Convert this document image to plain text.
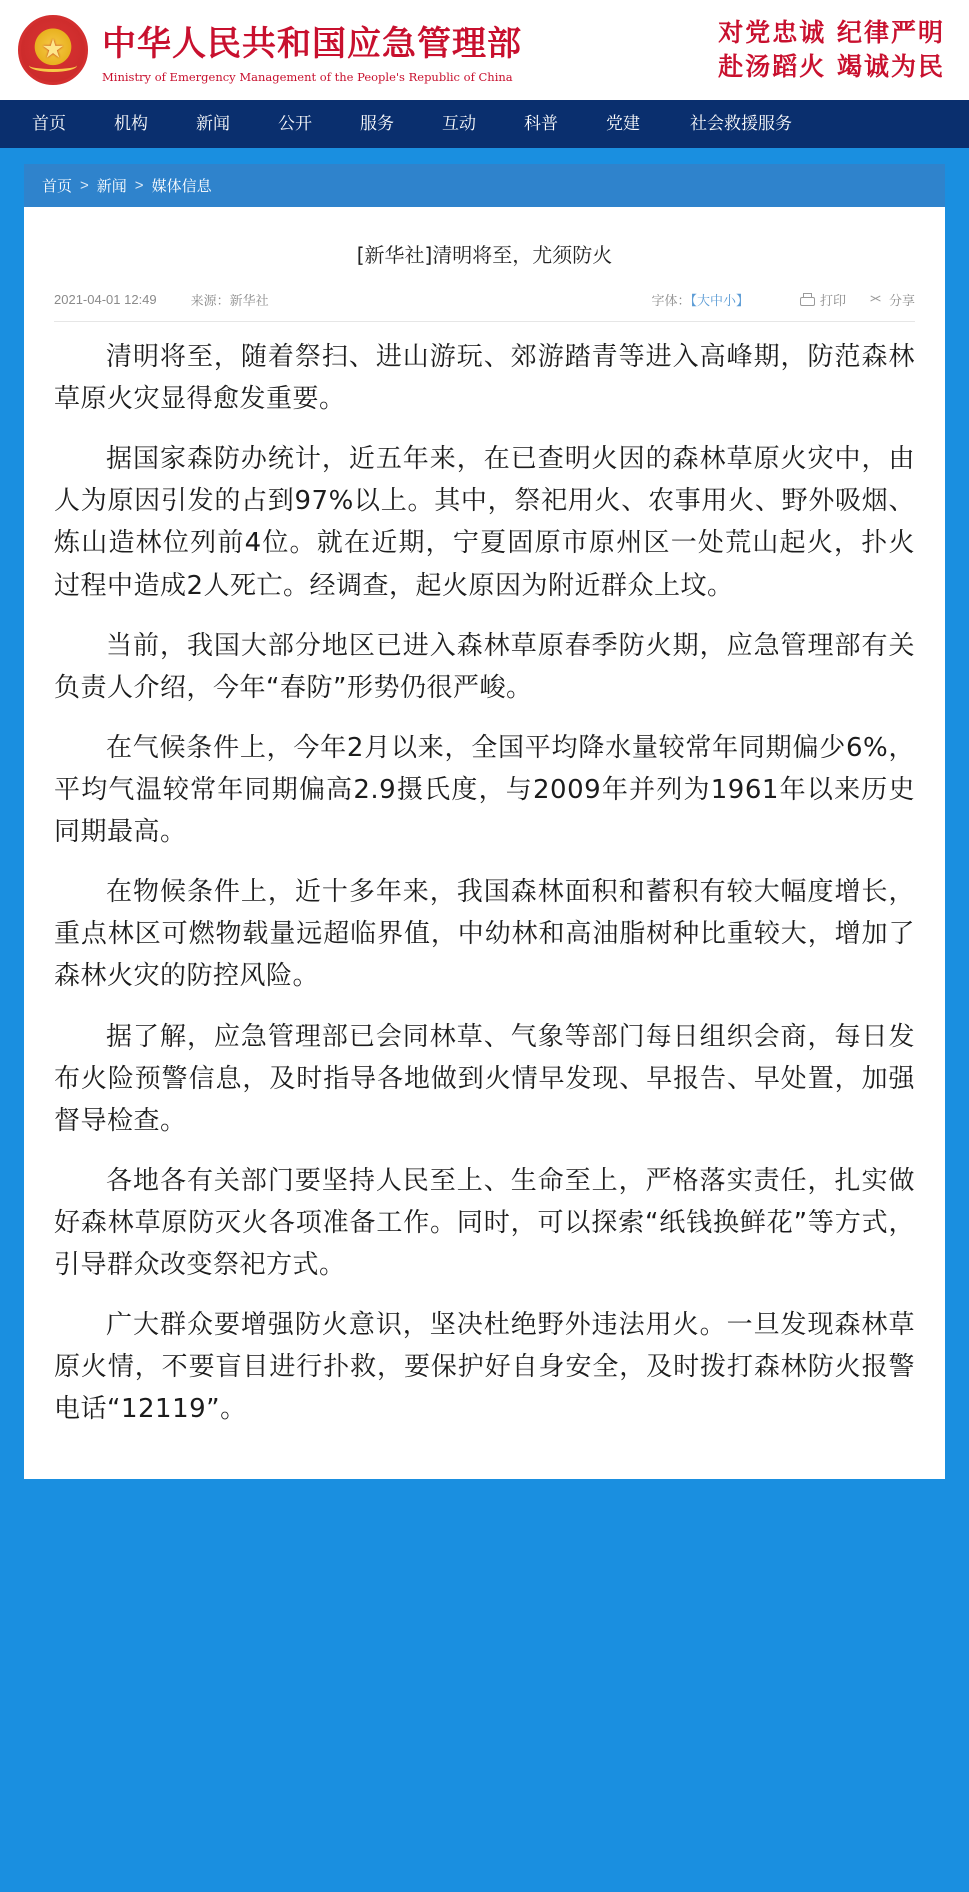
★
中华人民共和国应急管理部
Ministry of Emergency Management of the People's Republic of China
对党忠诚 纪律严明
赴汤蹈火 竭诚为民
首页	机构	新闻	公开	服务	互动	科普	党建	社会救援服务
首页 > 新闻 > 媒体信息
[新华社]清明将至，尤须防火
2021-04-01 12:49	来源：新华社	字体：【大中小】	打印	分享

清明将至，随着祭扫、进山游玩、郊游踏青等进入高峰期，防范森林草原火灾显得愈发重要。

据国家森防办统计，近五年来，在已查明火因的森林草原火灾中，由人为原因引发的占到97%以上。其中，祭祀用火、农事用火、野外吸烟、炼山造林位列前4位。就在近期，宁夏固原市原州区一处荒山起火，扑火过程中造成2人死亡。经调查，起火原因为附近群众上坟。

当前，我国大部分地区已进入森林草原春季防火期，应急管理部有关负责人介绍，今年“春防”形势仍很严峻。

在气候条件上，今年2月以来，全国平均降水量较常年同期偏少6%，平均气温较常年同期偏高2.9摄氏度，与2009年并列为1961年以来历史同期最高。

在物候条件上，近十多年来，我国森林面积和蓄积有较大幅度增长，重点林区可燃物载量远超临界值，中幼林和高油脂树种比重较大，增加了森林火灾的防控风险。

据了解，应急管理部已会同林草、气象等部门每日组织会商，每日发布火险预警信息，及时指导各地做到火情早发现、早报告、早处置，加强督导检查。

各地各有关部门要坚持人民至上、生命至上，严格落实责任，扎实做好森林草原防灭火各项准备工作。同时，可以探索“纸钱换鲜花”等方式，引导群众改变祭祀方式。

广大群众要增强防火意识，坚决杜绝野外违法用火。一旦发现森林草原火情，不要盲目进行扑救，要保护好自身安全，及时拨打森林防火报警电话“12119”。
